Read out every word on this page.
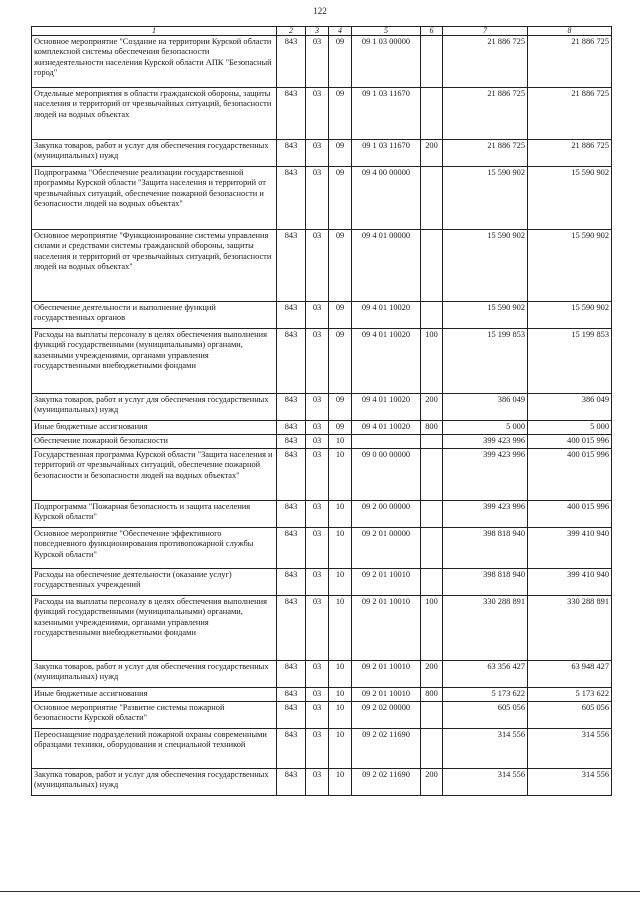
122
1	2	3	4	5	6	7	8
Основное мероприятие "Создание на территории Курской области комплексной системы обеспечения безопасности жизнедеятельности населения Курской области АПК "Безопасный город"	843	03	09	09 1 03 00000		21 886 725	21 886 725
Отдельные мероприятия в области гражданской обороны, защиты населения и территорий от чрезвычайных ситуаций, безопасности людей на водных объектах	843	03	09	09 1 03 11670		21 886 725	21 886 725
Закупка товаров, работ и услуг для обеспечения государственных (муниципальных) нужд	843	03	09	09 1 03 11670	200	21 886 725	21 886 725
Подпрограмма "Обеспечение реализации государственной программы Курской области "Защита населения и территорий от чрезвычайных ситуаций, обеспечение пожарной безопасности и безопасности людей на водных объектах"	843	03	09	09 4 00 00000		15 590 902	15 590 902
Основное мероприятие "Функционирование системы управления силами и средствами системы гражданской обороны, защиты населения и территорий от чрезвычайных ситуаций, безопасности людей на водных объектах"	843	03	09	09 4 01 00000		15 590 902	15 590 902
Обеспечение деятельности и выполнение функций государственных органов	843	03	09	09 4 01 10020		15 590 902	15 590 902
Расходы на выплаты персоналу в целях обеспечения выполнения функций государственными (муниципальными) органами, казенными учреждениями, органами управления государственными внебюджетными фондами	843	03	09	09 4 01 10020	100	15 199 853	15 199 853
Закупка товаров, работ и услуг для обеспечения государственных (муниципальных) нужд	843	03	09	09 4 01 10020	200	386 049	386 049
Иные бюджетные ассигнования	843	03	09	09 4 01 10020	800	5 000	5 000
Обеспечение пожарной безопасности	843	03	10			399 423 996	400 015 996
Государственная программа Курской области "Защита населения и территорий от чрезвычайных ситуаций, обеспечение пожарной безопасности и безопасности людей на водных объектах"	843	03	10	09 0 00 00000		399 423 996	400 015 996
Подпрограмма "Пожарная безопасность и защита населения Курской области"	843	03	10	09 2 00 00000		399 423 996	400 015 996
Основное мероприятие "Обеспечение эффективного повседневного функционирования противопожарной службы Курской области"	843	03	10	09 2 01 00000		398 818 940	399 410 940
Расходы на обеспечение деятельности (оказание услуг) государственных учреждений	843	03	10	09 2 01 10010		398 818 940	399 410 940
Расходы на выплаты персоналу в целях обеспечения выполнения функций государственными (муниципальными) органами, казенными учреждениями, органами управления государственными внебюджетными фондами	843	03	10	09 2 01 10010	100	330 288 891	330 288 891
Закупка товаров, работ и услуг для обеспечения государственных (муниципальных) нужд	843	03	10	09 2 01 10010	200	63 356 427	63 948 427
Иные бюджетные ассигнования	843	03	10	09 2 01 10010	800	5 173 622	5 173 622
Основное мероприятие "Развитие системы пожарной безопасности Курской области"	843	03	10	09 2 02 00000		605 056	605 056
Переоснащение подразделений пожарной охраны современными образцами техники, оборудования и специальной техникой	843	03	10	09 2 02 11690		314 556	314 556
Закупка товаров, работ и услуг для обеспечения государственных (муниципальных) нужд	843	03	10	09 2 02 11690	200	314 556	314 556
